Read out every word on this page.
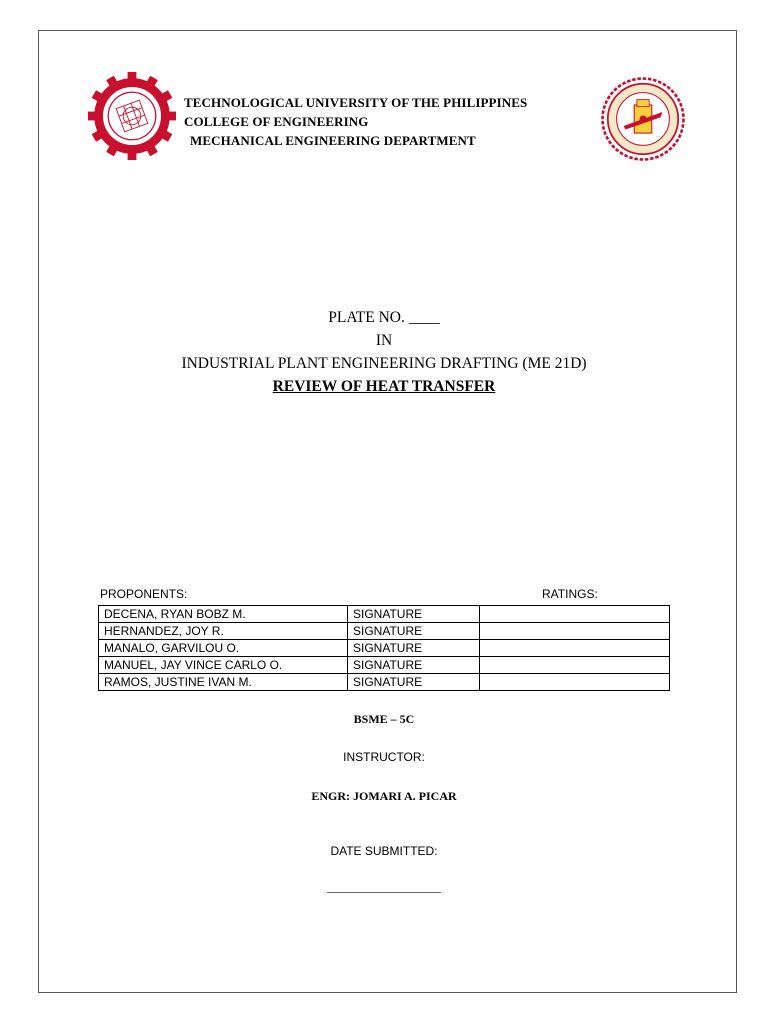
TECHNOLOGICAL UNIVERSITY OF THE PHILIPPINES
COLLEGE OF ENGINEERING
MECHANICAL ENGINEERING DEPARTMENT
PLATE NO. ____
IN
INDUSTRIAL PLANT ENGINEERING DRAFTING (ME 21D)
REVIEW OF HEAT TRANSFER
PROPONENTS:	RATINGS:
DECENA, RYAN BOBZ M.	SIGNATURE	
HERNANDEZ, JOY R.	SIGNATURE	
MANALO, GARVILOU O.	SIGNATURE	
MANUEL, JAY VINCE CARLO O.	SIGNATURE	
RAMOS, JUSTINE IVAN M.	SIGNATURE	
BSME – 5C
INSTRUCTOR:
ENGR: JOMARI A. PICAR
DATE SUBMITTED:
___________________
